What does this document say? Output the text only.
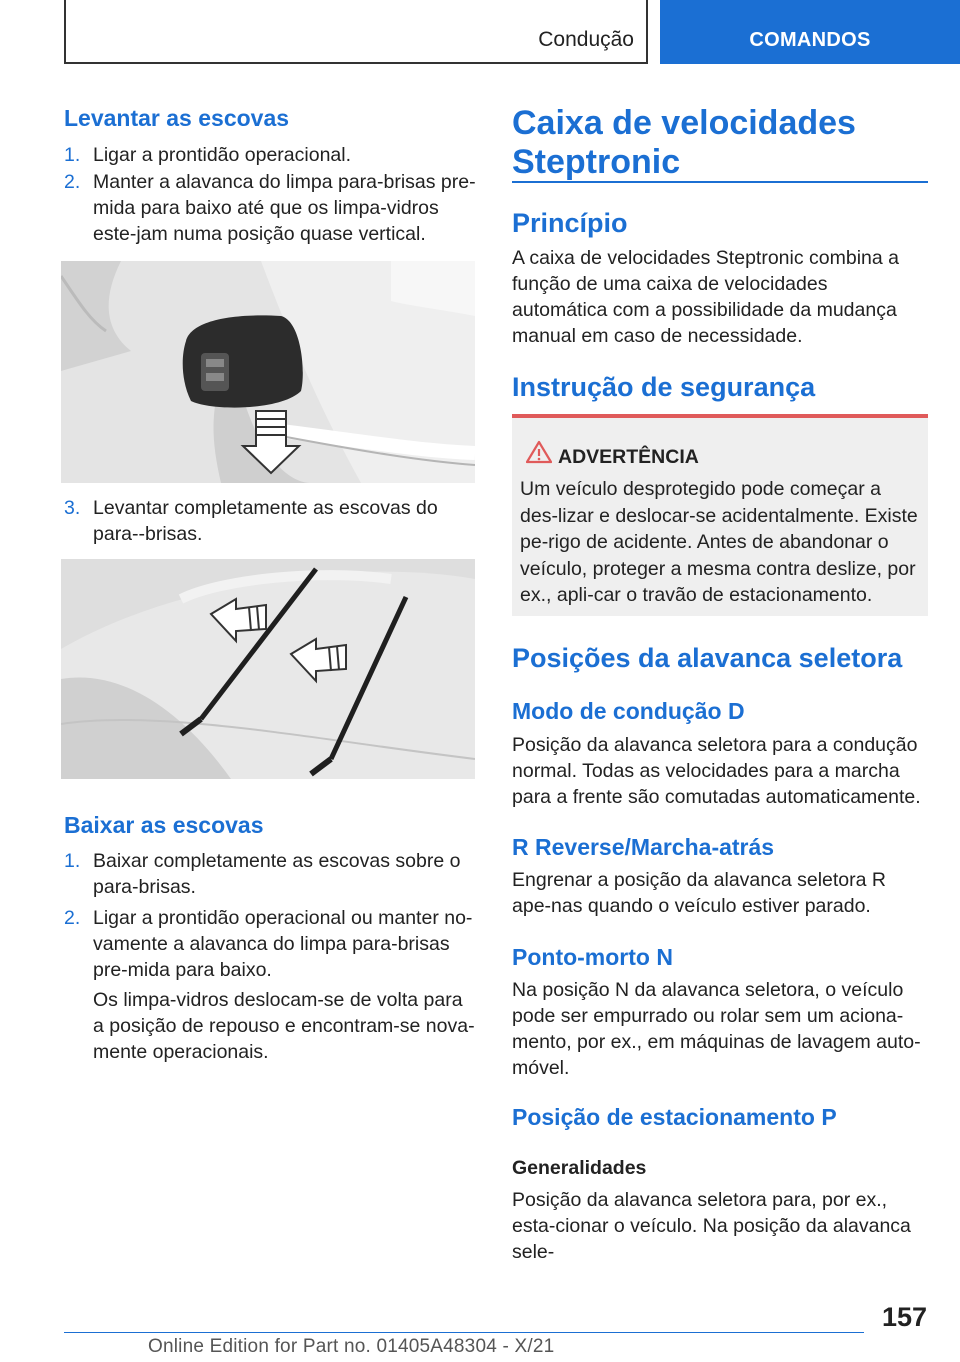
Condução	COMANDOS
Levantar as escovas
1. Ligar a prontidão operacional.
2. Manter a alavanca do limpa para-brisas pre-mida para baixo até que os limpa-vidros este-jam numa posição quase vertical.
3. Levantar completamente as escovas do para--brisas.
Baixar as escovas
1. Baixar completamente as escovas sobre o para-brisas.
2. Ligar a prontidão operacional ou manter no-vamente a alavanca do limpa para-brisas pre-mida para baixo.
Os limpa-vidros deslocam-se de volta para a posição de repouso e encontram-se nova-mente operacionais.
Caixa de velocidades Steptronic
Princípio
A caixa de velocidades Steptronic combina a função de uma caixa de velocidades automática com a possibilidade da mudança manual em caso de necessidade.
Instrução de segurança
ADVERTÊNCIA
Um veículo desprotegido pode começar a des-lizar e deslocar-se acidentalmente. Existe pe-rigo de acidente. Antes de abandonar o veículo, proteger a mesma contra deslize, por ex., apli-car o travão de estacionamento.
Posições da alavanca seletora
Modo de condução D
Posição da alavanca seletora para a condução normal. Todas as velocidades para a marcha para a frente são comutadas automaticamente.
R Reverse/Marcha-atrás
Engrenar a posição da alavanca seletora R ape-nas quando o veículo estiver parado.
Ponto-morto N
Na posição N da alavanca seletora, o veículo pode ser empurrado ou rolar sem um aciona-mento, por ex., em máquinas de lavagem auto-móvel.
Posição de estacionamento P
Generalidades
Posição da alavanca seletora para, por ex., esta-cionar o veículo. Na posição da alavanca sele-
157
Online Edition for Part no. 01405A48304 - X/21
